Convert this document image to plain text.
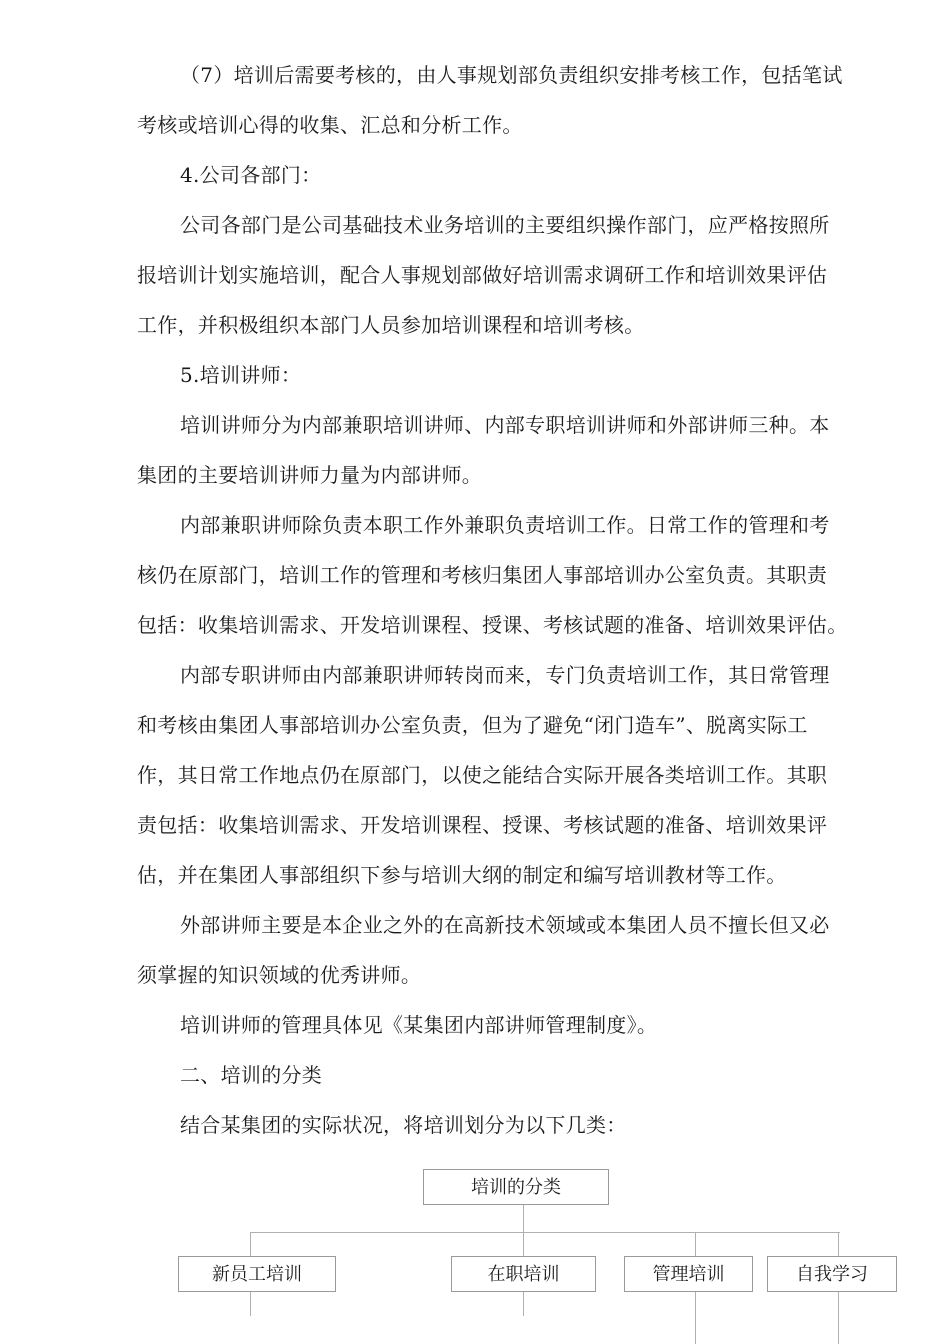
（7）培训后需要考核的，由人事规划部负责组织安排考核工作，包括笔试
考核或培训心得的收集、汇总和分析工作。
4.公司各部门：
公司各部门是公司基础技术业务培训的主要组织操作部门，应严格按照所
报培训计划实施培训，配合人事规划部做好培训需求调研工作和培训效果评估
工作，并积极组织本部门人员参加培训课程和培训考核。
5.培训讲师：
培训讲师分为内部兼职培训讲师、内部专职培训讲师和外部讲师三种。本
集团的主要培训讲师力量为内部讲师。
内部兼职讲师除负责本职工作外兼职负责培训工作。日常工作的管理和考
核仍在原部门，培训工作的管理和考核归集团人事部培训办公室负责。其职责
包括：收集培训需求、开发培训课程、授课、考核试题的准备、培训效果评估。
内部专职讲师由内部兼职讲师转岗而来，专门负责培训工作，其日常管理
和考核由集团人事部培训办公室负责，但为了避免“闭门造车”、脱离实际工
作，其日常工作地点仍在原部门，以使之能结合实际开展各类培训工作。其职
责包括：收集培训需求、开发培训课程、授课、考核试题的准备、培训效果评
估，并在集团人事部组织下参与培训大纲的制定和编写培训教材等工作。
外部讲师主要是本企业之外的在高新技术领域或本集团人员不擅长但又必
须掌握的知识领域的优秀讲师。
培训讲师的管理具体见《某集团内部讲师管理制度》。
二、培训的分类
结合某集团的实际状况，将培训划分为以下几类：
培训的分类
新员工培训	在职培训	管理培训	自我学习
